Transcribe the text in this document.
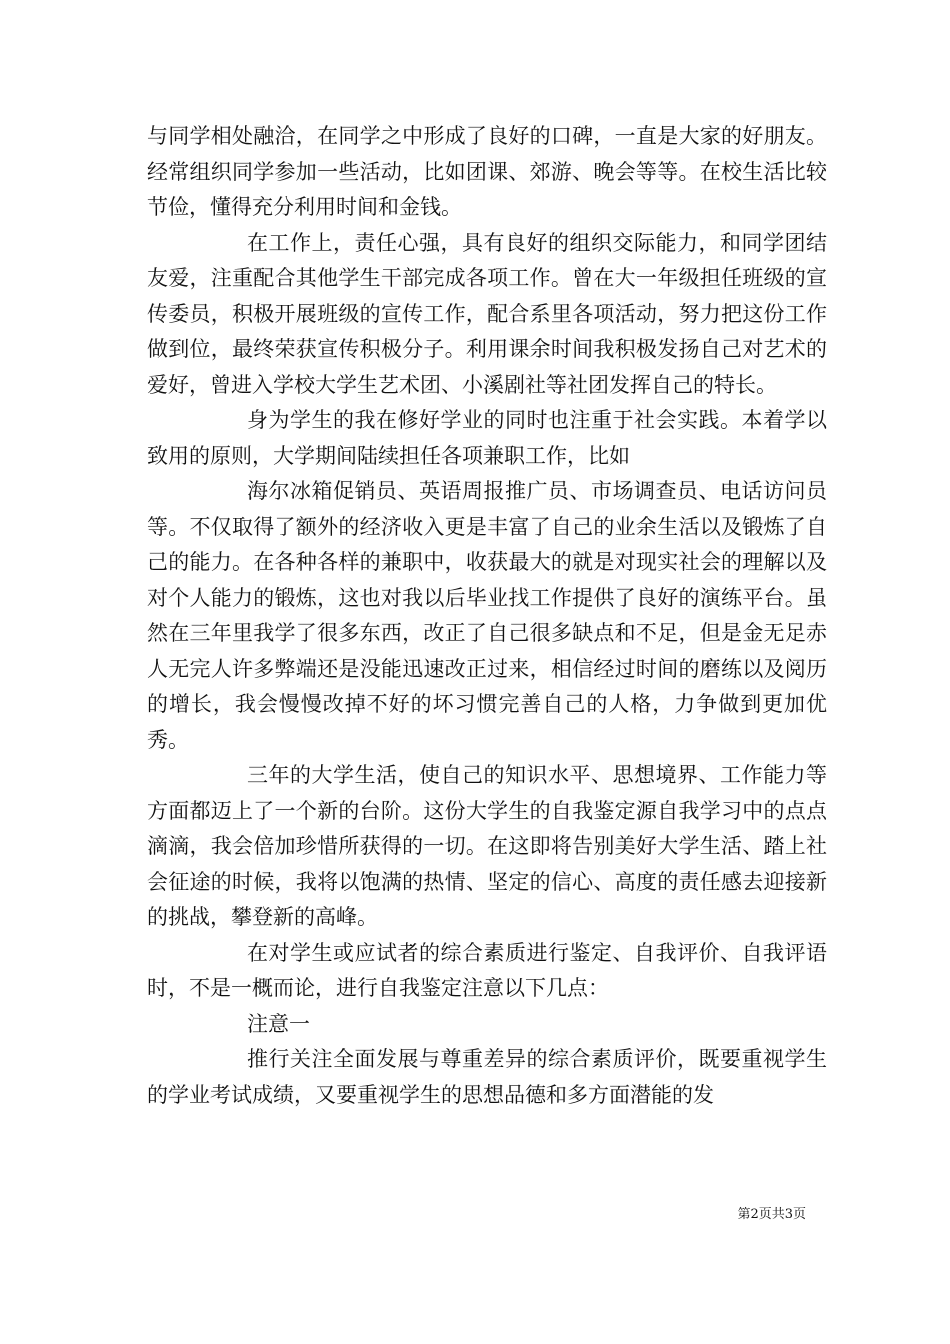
与同学相处融洽，在同学之中形成了良好的口碑，一直是大家的好朋友。经常组织同学参加一些活动，比如团课、郊游、晚会等等。在校生活比较节俭，懂得充分利用时间和金钱。

在工作上，责任心强，具有良好的组织交际能力，和同学团结友爱，注重配合其他学生干部完成各项工作。曾在大一年级担任班级的宣传委员，积极开展班级的宣传工作，配合系里各项活动，努力把这份工作做到位，最终荣获宣传积极分子。利用课余时间我积极发扬自己对艺术的爱好，曾进入学校大学生艺术团、小溪剧社等社团发挥自己的特长。

身为学生的我在修好学业的同时也注重于社会实践。本着学以致用的原则，大学期间陆续担任各项兼职工作，比如

海尔冰箱促销员、英语周报推广员、市场调查员、电话访问员等。不仅取得了额外的经济收入更是丰富了自己的业余生活以及锻炼了自己的能力。在各种各样的兼职中，收获最大的就是对现实社会的理解以及对个人能力的锻炼，这也对我以后毕业找工作提供了良好的演练平台。虽然在三年里我学了很多东西，改正了自己很多缺点和不足，但是金无足赤人无完人许多弊端还是没能迅速改正过来，相信经过时间的磨练以及阅历的增长，我会慢慢改掉不好的坏习惯完善自己的人格，力争做到更加优秀。

三年的大学生活，使自己的知识水平、思想境界、工作能力等方面都迈上了一个新的台阶。这份大学生的自我鉴定源自我学习中的点点滴滴，我会倍加珍惜所获得的一切。在这即将告别美好大学生活、踏上社会征途的时候，我将以饱满的热情、坚定的信心、高度的责任感去迎接新的挑战，攀登新的高峰。

在对学生或应试者的综合素质进行鉴定、自我评价、自我评语时，不是一概而论，进行自我鉴定注意以下几点：

注意一

推行关注全面发展与尊重差异的综合素质评价，既要重视学生的学业考试成绩，又要重视学生的思想品德和多方面潜能的发

第2页共3页
